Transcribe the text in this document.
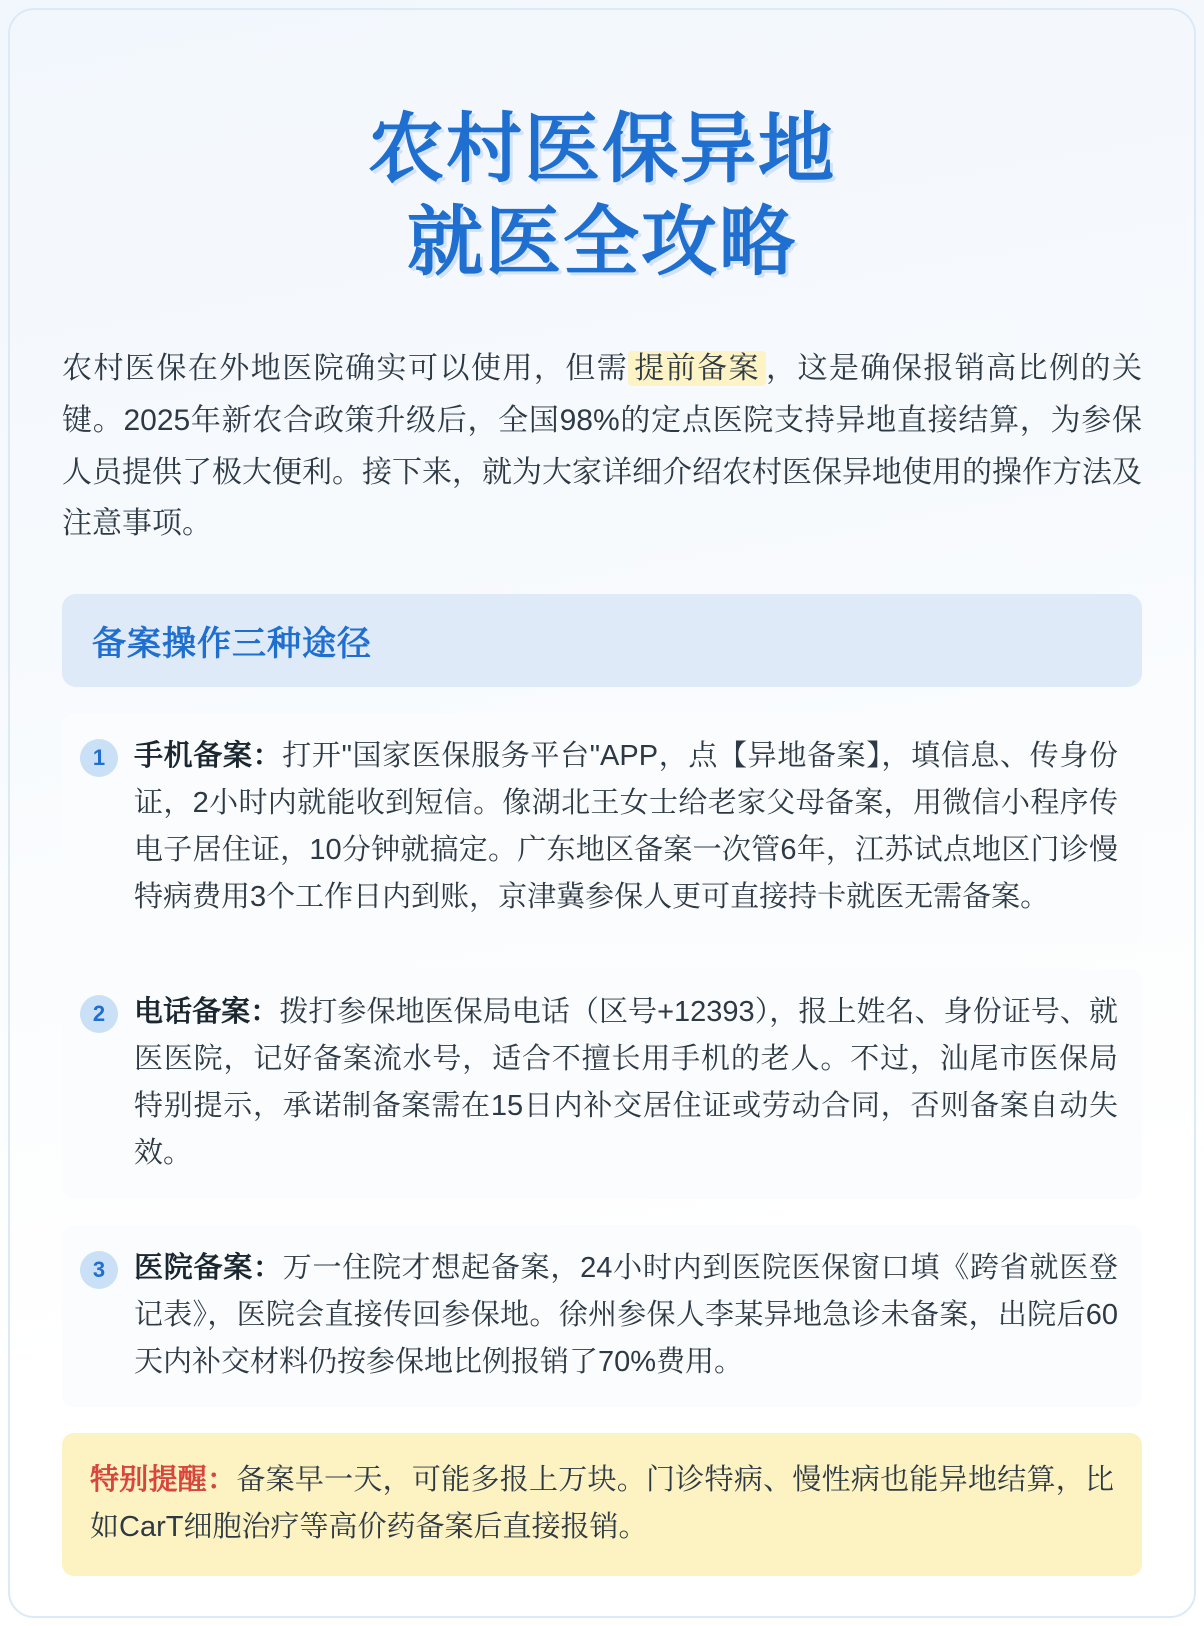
农村医保异地
就医全攻略

农村医保在外地医院确实可以使用，但需 提前备案 ，这是确保报销高比例的关键。2025年新农合政策升级后，全国98%的定点医院支持异地直接结算，为参保人员提供了极大便利。接下来，就为大家详细介绍农村医保异地使用的操作方法及注意事项。

备案操作三种途径
1 手机备案：打开"国家医保服务平台"APP，点【异地备案】，填信息、传身份证，2小时内就能收到短信。像湖北王女士给老家父母备案，用微信小程序传电子居住证，10分钟就搞定。广东地区备案一次管6年，江苏试点地区门诊慢特病费用3个工作日内到账，京津冀参保人更可直接持卡就医无需备案。
2 电话备案：拨打参保地医保局电话（区号+12393），报上姓名、身份证号、就医医院，记好备案流水号，适合不擅长用手机的老人。不过，汕尾市医保局特别提示，承诺制备案需在15日内补交居住证或劳动合同，否则备案自动失效。
3 医院备案：万一住院才想起备案，24小时内到医院医保窗口填《跨省就医登记表》，医院会直接传回参保地。徐州参保人李某异地急诊未备案，出院后60天内补交材料仍按参保地比例报销了70%费用。
特别提醒：备案早一天，可能多报上万块。门诊特病、慢性病也能异地结算，比如CarT细胞治疗等高价药备案后直接报销。
